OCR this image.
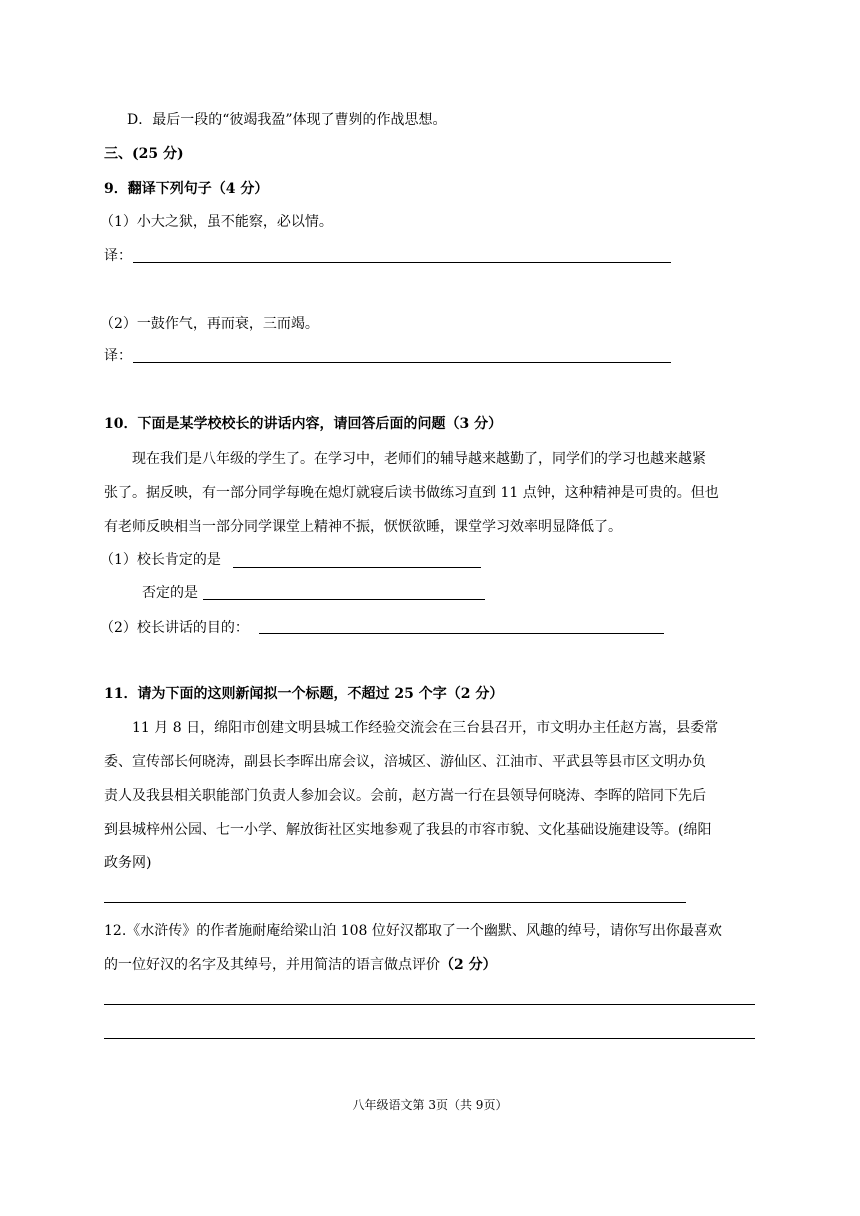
D．最后一段的“彼竭我盈”体现了曹刿的作战思想。
三、(25 分)
9．翻译下列句子（4 分）
（1）小大之狱，虽不能察，必以情。
译：
（2）一鼓作气，再而衰，三而竭。
译：
10．下面是某学校校长的讲话内容，请回答后面的问题（3 分）
现在我们是八年级的学生了。在学习中，老师们的辅导越来越勤了，同学们的学习也越来越紧
张了。据反映，有一部分同学每晚在熄灯就寝后读书做练习直到 11 点钟，这种精神是可贵的。但也
有老师反映相当一部分同学课堂上精神不振，恹恹欲睡，课堂学习效率明显降低了。
（1）校长肯定的是
否定的是
（2）校长讲话的目的：
11．请为下面的这则新闻拟一个标题，不超过 25 个字（2 分）
11 月 8 日，绵阳市创建文明县城工作经验交流会在三台县召开，市文明办主任赵方嵩，县委常
委、宣传部长何晓涛，副县长李晖出席会议，涪城区、游仙区、江油市、平武县等县市区文明办负
责人及我县相关职能部门负责人参加会议。会前，赵方嵩一行在县领导何晓涛、李晖的陪同下先后
到县城梓州公园、七一小学、解放街社区实地参观了我县的市容市貌、文化基础设施建设等。(绵阳
政务网)
12.《水浒传》的作者施耐庵给梁山泊 108 位好汉都取了一个幽默、风趣的绰号，请你写出你最喜欢
的一位好汉的名字及其绰号，并用简洁的语言做点评价（2 分）
八年级语文第 3页（共 9页）
